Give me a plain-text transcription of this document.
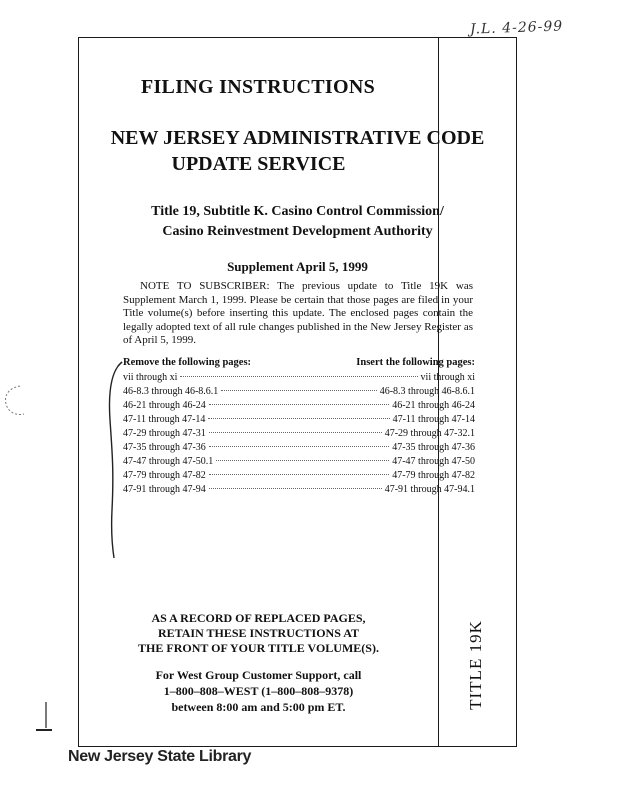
J.L. 4-26-99
TITLE 19K
FILING INSTRUCTIONS
NEW JERSEY ADMINISTRATIVE CODE
UPDATE SERVICE
Title 19, Subtitle K. Casino Control Commission/
Casino Reinvestment Development Authority
Supplement April 5, 1999
NOTE TO SUBSCRIBER: The previous update to Title 19K was Supplement March 1, 1999. Please be certain that those pages are filed in your Title volume(s) before inserting this update. The enclosed pages contain the legally adopted text of all rule changes published in the New Jersey Register as of April 5, 1999.
Remove the following pages:	Insert the following pages:
vii through xi	vii through xi
46-8.3 through 46-8.6.1	46-8.3 through 46-8.6.1
46-21 through 46-24	46-21 through 46-24
47-11 through 47-14	47-11 through 47-14
47-29 through 47-31	47-29 through 47-32.1
47-35 through 47-36	47-35 through 47-36
47-47 through 47-50.1	47-47 through 47-50
47-79 through 47-82	47-79 through 47-82
47-91 through 47-94	47-91 through 47-94.1
AS A RECORD OF REPLACED PAGES,
RETAIN THESE INSTRUCTIONS AT
THE FRONT OF YOUR TITLE VOLUME(S).
For West Group Customer Support, call
1–800–808–WEST (1–800–808–9378)
between 8:00 am and 5:00 pm ET.
New Jersey State Library
